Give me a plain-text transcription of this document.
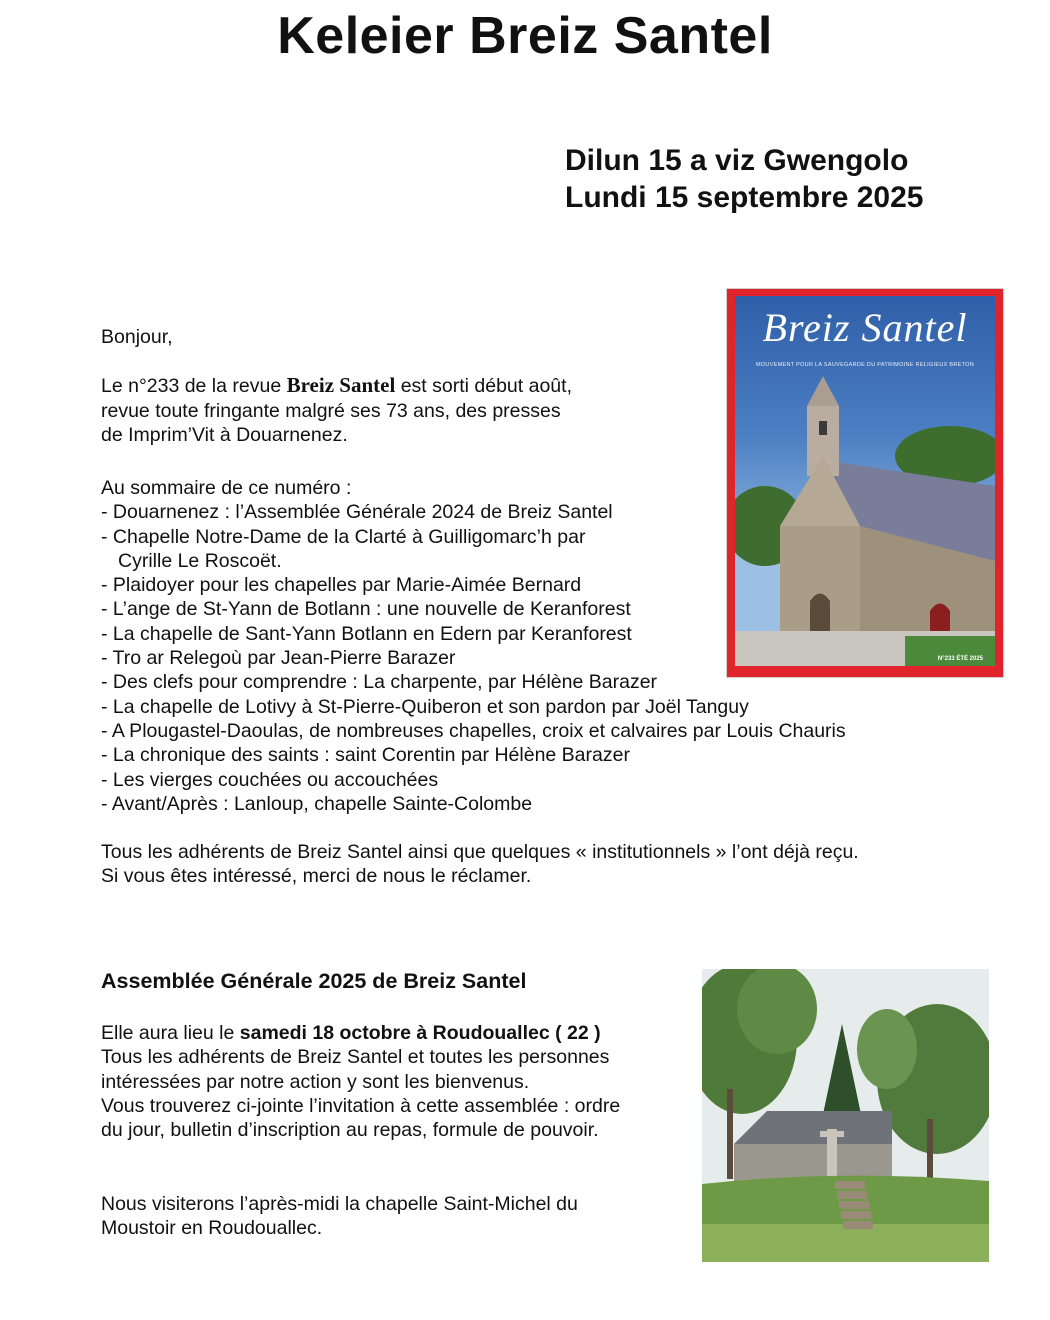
Keleier Breiz Santel
Dilun 15 a viz Gwengolo
Lundi 15 septembre 2025
Bonjour,
Le n°233 de la revue Breiz Santel est sorti début août,
revue toute fringante malgré ses 73 ans, des presses
de Imprim’Vit à Douarnenez.
Au sommaire de ce numéro :
- Douarnenez : l’Assemblée Générale 2024 de Breiz Santel
- Chapelle Notre-Dame de la Clarté à Guilligomarc’h par
Cyrille Le Roscoët.
- Plaidoyer pour les chapelles par Marie-Aimée Bernard
- L’ange de St-Yann de Botlann : une nouvelle de Keranforest
- La chapelle de Sant-Yann Botlann en Edern par Keranforest
- Tro ar Relegoù par Jean-Pierre Barazer
- Des clefs pour comprendre : La charpente, par Hélène Barazer
- La chapelle de Lotivy à St-Pierre-Quiberon et son pardon par Joël Tanguy
- A Plougastel-Daoulas, de nombreuses chapelles, croix et calvaires par Louis Chauris
- La chronique des saints : saint Corentin par Hélène Barazer
- Les vierges couchées ou accouchées
- Avant/Après : Lanloup, chapelle Sainte-Colombe
Tous les adhérents de Breiz Santel ainsi que quelques « institutionnels » l’ont déjà reçu.
Si vous êtes intéressé, merci de nous le réclamer.
Breiz Santel
MOUVEMENT POUR LA SAUVEGARDE DU PATRIMOINE RELIGIEUX BRETON
N°233 ÉTÉ 2025
Assemblée Générale 2025 de Breiz Santel
Elle aura lieu le samedi 18 octobre à Roudouallec ( 22 )
Tous les adhérents de Breiz Santel et toutes les personnes
intéressées par notre action y sont les bienvenus.
Vous trouverez ci-jointe l’invitation à cette assemblée : ordre
du jour, bulletin d’inscription au repas, formule de pouvoir.
Nous visiterons l’après-midi la chapelle Saint-Michel du
Moustoir en Roudouallec.
